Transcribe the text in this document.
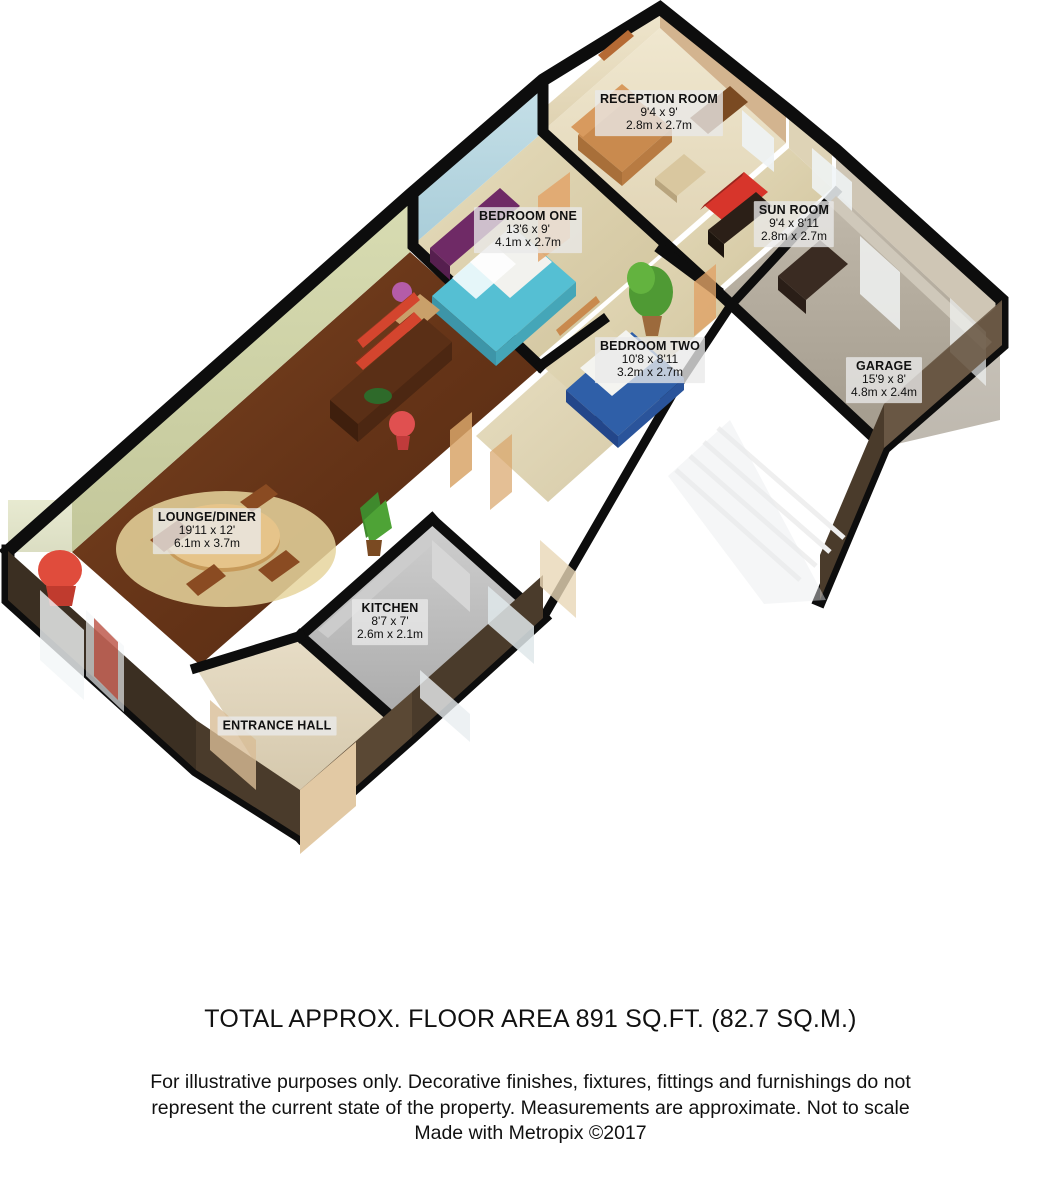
RECEPTION ROOM
9'4 x 9'
2.8m x 2.7m
BEDROOM ONE
13'6 x 9'
4.1m x 2.7m
SUN ROOM
9'4 x 8'11
2.8m x 2.7m
BEDROOM TWO
10'8 x 8'11
3.2m x 2.7m	GARAGE
15'9 x 8'
4.8m x 2.4m
LOUNGE/DINER
19'11 x 12'
6.1m x 3.7m
KITCHEN
8'7 x 7'
2.6m x 2.1m
ENTRANCE HALL
TOTAL APPROX. FLOOR AREA 891 SQ.FT. (82.7 SQ.M.)
For illustrative purposes only. Decorative finishes, fixtures, fittings and furnishings do not
represent the current state of the property. Measurements are approximate. Not to scale
Made with Metropix ©2017
